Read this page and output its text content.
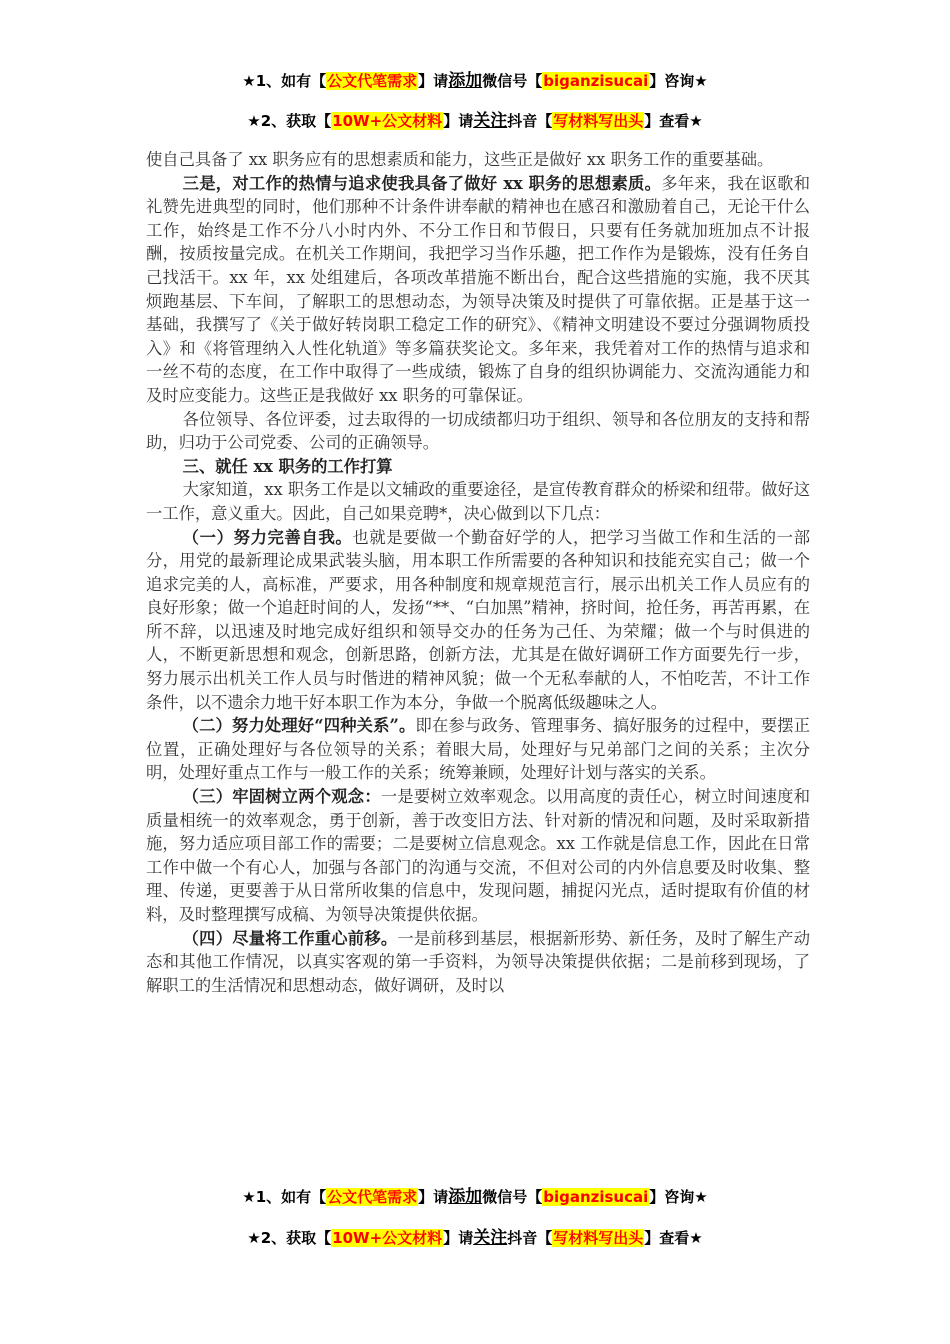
★1、如有【公文代笔需求】请添加微信号【biganzisucai】咨询★
★2、获取【10W+公文材料】请关注抖音【写材料写出头】查看★

使自己具备了 xx 职务应有的思想素质和能力，这些正是做好 xx 职务工作的重要基础。

三是，对工作的热情与追求使我具备了做好 xx 职务的思想素质。多年来，我在讴歌和礼赞先进典型的同时，他们那种不计条件讲奉献的精神也在感召和激励着自己，无论干什么工作，始终是工作不分八小时内外、不分工作日和节假日，只要有任务就加班加点不计报酬，按质按量完成。在机关工作期间，我把学习当作乐趣，把工作作为是锻炼，没有任务自己找活干。xx 年，xx 处组建后，各项改革措施不断出台，配合这些措施的实施，我不厌其烦跑基层、下车间，了解职工的思想动态，为领导决策及时提供了可靠依据。正是基于这一基础，我撰写了《关于做好转岗职工稳定工作的研究》、《精神文明建设不要过分强调物质投入》和《将管理纳入人性化轨道》等多篇获奖论文。多年来，我凭着对工作的热情与追求和一丝不苟的态度，在工作中取得了一些成绩，锻炼了自身的组织协调能力、交流沟通能力和及时应变能力。这些正是我做好 xx 职务的可靠保证。

各位领导、各位评委，过去取得的一切成绩都归功于组织、领导和各位朋友的支持和帮助，归功于公司党委、公司的正确领导。

三、就任 xx 职务的工作打算

大家知道，xx 职务工作是以文辅政的重要途径，是宣传教育群众的桥梁和纽带。做好这一工作，意义重大。因此，自己如果竞聘*，决心做到以下几点：

（一）努力完善自我。也就是要做一个勤奋好学的人，把学习当做工作和生活的一部分，用党的最新理论成果武装头脑，用本职工作所需要的各种知识和技能充实自己；做一个追求完美的人，高标准，严要求，用各种制度和规章规范言行，展示出机关工作人员应有的良好形象；做一个追赶时间的人，发扬“**、“白加黑”精神，挤时间，抢任务，再苦再累，在所不辞，以迅速及时地完成好组织和领导交办的任务为己任、为荣耀；做一个与时俱进的人，不断更新思想和观念，创新思路，创新方法，尤其是在做好调研工作方面要先行一步，努力展示出机关工作人员与时偕进的精神风貌；做一个无私奉献的人，不怕吃苦，不计工作条件，以不遗余力地干好本职工作为本分，争做一个脱离低级趣味之人。

（二）努力处理好“四种关系”。即在参与政务、管理事务、搞好服务的过程中，要摆正位置，正确处理好与各位领导的关系；着眼大局，处理好与兄弟部门之间的关系；主次分明，处理好重点工作与一般工作的关系；统筹兼顾，处理好计划与落实的关系。

（三）牢固树立两个观念：一是要树立效率观念。以用高度的责任心，树立时间速度和质量相统一的效率观念，勇于创新，善于改变旧方法、针对新的情况和问题，及时采取新措施，努力适应项目部工作的需要；二是要树立信息观念。xx 工作就是信息工作，因此在日常工作中做一个有心人，加强与各部门的沟通与交流，不但对公司的内外信息要及时收集、整理、传递，更要善于从日常所收集的信息中，发现问题，捕捉闪光点，适时提取有价值的材料，及时整理撰写成稿、为领导决策提供依据。

（四）尽量将工作重心前移。一是前移到基层，根据新形势、新任务，及时了解生产动态和其他工作情况，以真实客观的第一手资料，为领导决策提供依据；二是前移到现场，了解职工的生活情况和思想动态，做好调研，及时以

★1、如有【公文代笔需求】请添加微信号【biganzisucai】咨询★
★2、获取【10W+公文材料】请关注抖音【写材料写出头】查看★
